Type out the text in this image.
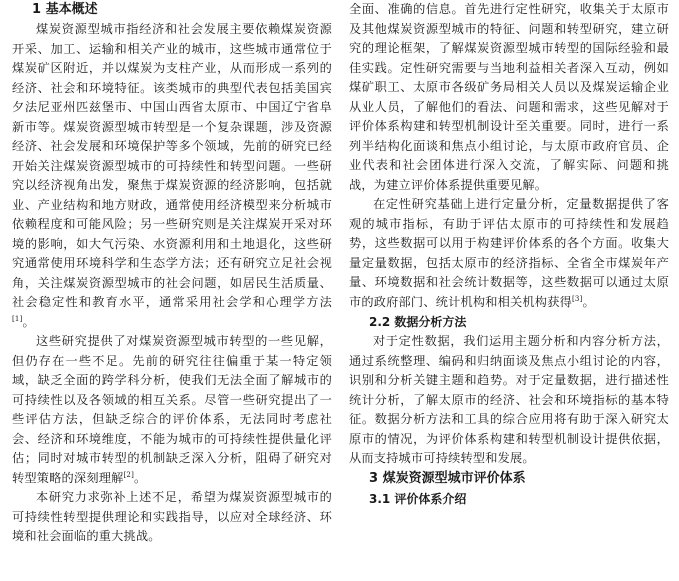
1 基本概述

煤炭资源型城市指经济和社会发展主要依赖煤炭资源开采、加工、运输和相关产业的城市，这些城市通常位于煤炭矿区附近，并以煤炭为支柱产业，从而形成一系列的经济、社会和环境特征。该类城市的典型代表包括美国宾夕法尼亚州匹兹堡市、中国山西省太原市、中国辽宁省阜新市等。煤炭资源型城市转型是一个复杂课题，涉及资源经济、社会发展和环境保护等多个领域，先前的研究已经开始关注煤炭资源型城市的可持续性和转型问题。一些研究以经济视角出发，聚焦于煤炭资源的经济影响，包括就业、产业结构和地方财政，通常使用经济模型来分析城市依赖程度和可能风险；另一些研究则是关注煤炭开采对环境的影响，如大气污染、水资源利用和土地退化，这些研究通常使用环境科学和生态学方法；还有研究立足社会视角，关注煤炭资源型城市的社会问题，如居民生活质量、社会稳定性和教育水平，通常采用社会学和心理学方法[1]。

这些研究提供了对煤炭资源型城市转型的一些见解，但仍存在一些不足。先前的研究往往偏重于某一特定领域，缺乏全面的跨学科分析，使我们无法全面了解城市的可持续性以及各领域的相互关系。尽管一些研究提出了一些评估方法，但缺乏综合的评价体系，无法同时考虑社会、经济和环境维度，不能为城市的可持续性提供量化评估；同时对城市转型的机制缺乏深入分析，阻碍了研究对转型策略的深刻理解[2]。

本研究力求弥补上述不足，希望为煤炭资源型城市的可持续性转型提供理论和实践指导，以应对全球经济、环境和社会面临的重大挑战。

全面、准确的信息。首先进行定性研究，收集关于太原市及其他煤炭资源型城市的特征、问题和转型研究，建立研究的理论框架，了解煤炭资源型城市转型的国际经验和最佳实践。定性研究需要与当地利益相关者深入互动，例如煤矿职工、太原市各级矿务局相关人员以及煤炭运输企业从业人员，了解他们的看法、问题和需求，这些见解对于评价体系构建和转型机制设计至关重要。同时，进行一系列半结构化面谈和焦点小组讨论，与太原市政府官员、企业代表和社会团体进行深入交流，了解实际、问题和挑战，为建立评价体系提供重要见解。

在定性研究基础上进行定量分析，定量数据提供了客观的城市指标，有助于评估太原市的可持续性和发展趋势，这些数据可以用于构建评价体系的各个方面。收集大量定量数据，包括太原市的经济指标、全省全市煤炭年产量、环境数据和社会统计数据等，这些数据可以通过太原市的政府部门、统计机构和相关机构获得[3]。

2.2 数据分析方法

对于定性数据，我们运用主题分析和内容分析方法，通过系统整理、编码和归纳面谈及焦点小组讨论的内容，识别和分析关键主题和趋势。对于定量数据，进行描述性统计分析，了解太原市的经济、社会和环境指标的基本特征。数据分析方法和工具的综合应用将有助于深入研究太原市的情况，为评价体系构建和转型机制设计提供依据，从而支持城市可持续转型和发展。

3 煤炭资源型城市评价体系
3.1 评价体系介绍
